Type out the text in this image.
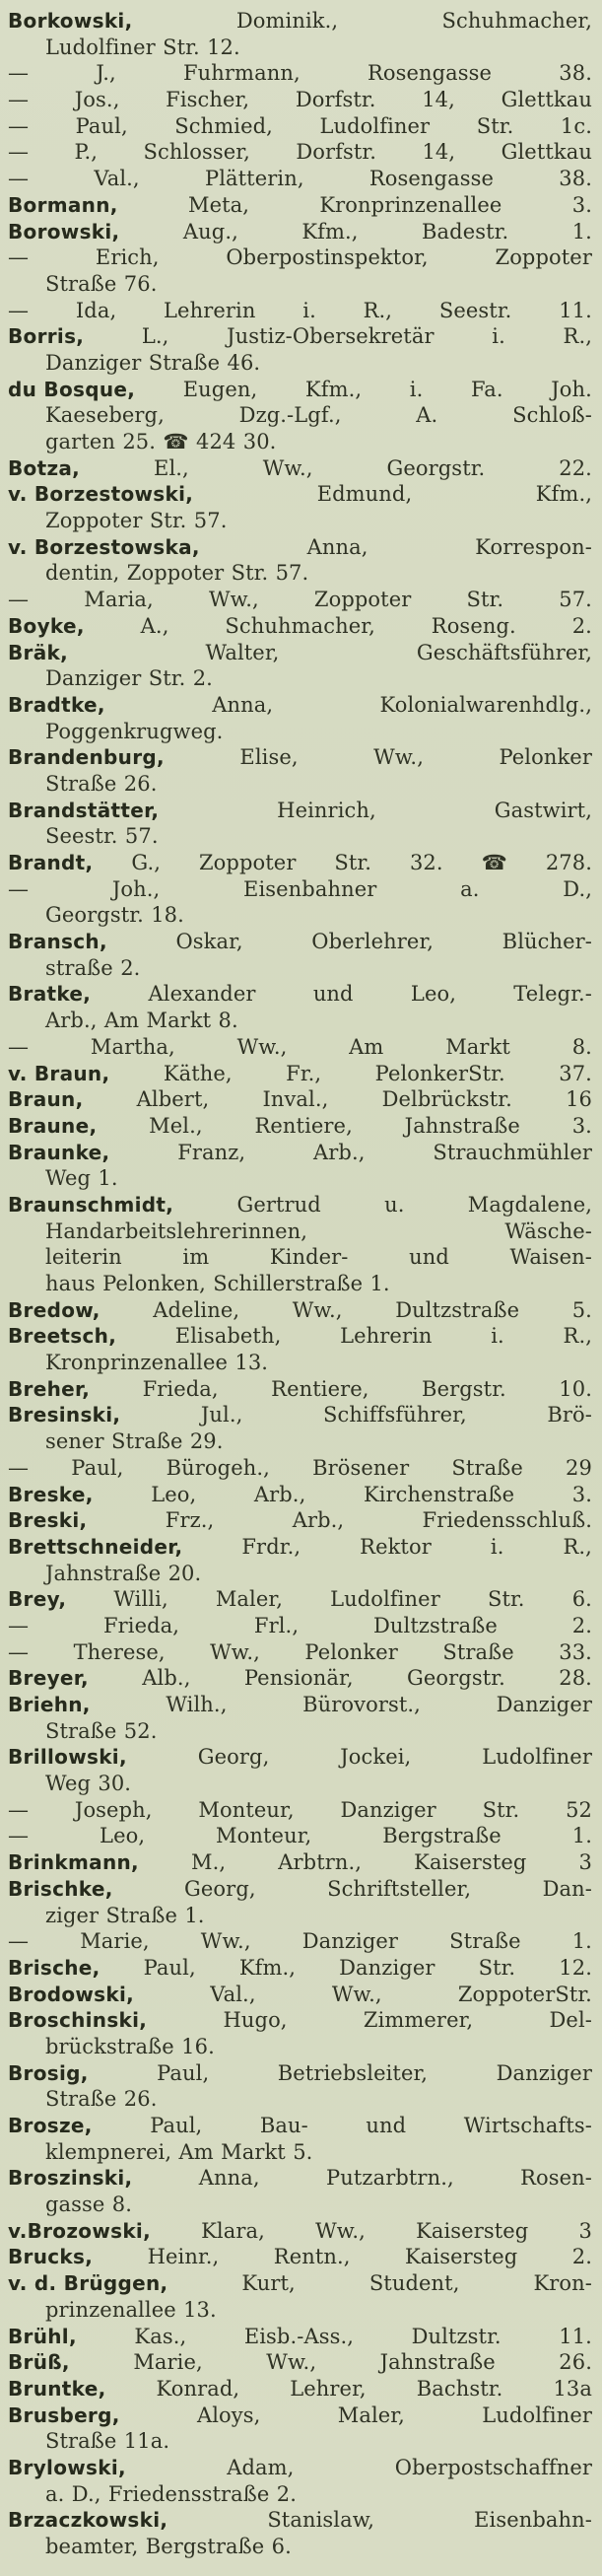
Borkowski,	Dominik.,	Schuhmacher,
Ludolfiner Str. 12.
—	J.,	Fuhrmann,	Rosengasse	38.
— Jos., Fischer, Dorfstr. 14, Glettkau
— Paul, Schmied, Ludolfiner Str. 1c.
— P., Schlosser, Dorfstr. 14, Glettkau
—	Val.,	Plätterin,	Rosengasse	38.
Bormann,	Meta,	Kronprinzenallee	3.
Borowski,	Aug.,	Kfm.,	Badestr.	1.
—	Erich,	Oberpostinspektor,	Zoppoter
Straße 76.
— Ida, Lehrerin i. R., Seestr. 11.
Borris,	L.,	Justiz-Obersekretär	i.	R.,
Danziger Straße 46.
du Bosque, Eugen, Kfm., i. Fa. Joh.
Kaeseberg,	Dzg.-Lgf.,	A.	Schloß-
garten 25. ☎ 424 30.
Botza,	El.,	Ww.,	Georgstr.	22.
v. Borzestowski,	Edmund,	Kfm.,
Zoppoter Str. 57.
v. Borzestowska,	Anna,	Korrespon-
dentin, Zoppoter Str. 57.
—	Maria,	Ww.,	Zoppoter	Str.	57.
Boyke,	A.,	Schuhmacher,	Roseng.	2.
Bräk,	Walter,	Geschäftsführer,
Danziger Str. 2.
Bradtke,	Anna,	Kolonialwarenhdlg.,
Poggenkrugweg.
Brandenburg,	Elise,	Ww.,	Pelonker
Straße 26.
Brandstätter,	Heinrich,	Gastwirt,
Seestr. 57.
Brandt, G., Zoppoter Str. 32. ☎ 278.
—	Joh.,	Eisenbahner	a.	D.,
Georgstr. 18.
Bransch,	Oskar,	Oberlehrer,	Blücher-
straße 2.
Bratke,	Alexander	und	Leo,	Telegr.-
Arb., Am Markt 8.
—	Martha,	Ww.,	Am	Markt	8.
v. Braun,	Käthe,	Fr.,	PelonkerStr.	37.
Braun,	Albert,	Inval.,	Delbrückstr.	16
Braune,	Mel.,	Rentiere,	Jahnstraße	3.
Braunke,	Franz,	Arb.,	Strauchmühler
Weg 1.
Braunschmidt,	Gertrud	u.	Magdalene,
Handarbeitslehrerinnen,	Wäsche-
leiterin	im	Kinder-	und	Waisen-
haus Pelonken, Schillerstraße 1.
Bredow,	Adeline,	Ww.,	Dultzstraße	5.
Breetsch,	Elisabeth,	Lehrerin	i.	R.,
Kronprinzenallee 13.
Breher,	Frieda,	Rentiere,	Bergstr.	10.
Bresinski,	Jul.,	Schiffsführer,	Brö-
sener Straße 29.
— Paul, Bürogeh., Brösener Straße 29
Breske,	Leo,	Arb.,	Kirchenstraße	3.
Breski,	Frz.,	Arb.,	Friedensschluß.
Brettschneider,	Frdr.,	Rektor	i.	R.,
Jahnstraße 20.
Brey, Willi, Maler, Ludolfiner Str. 6.
—	Frieda,	Frl.,	Dultzstraße	2.
— Therese, Ww., Pelonker Straße 33.
Breyer,	Alb.,	Pensionär,	Georgstr.	28.
Briehn,	Wilh.,	Bürovorst.,	Danziger
Straße 52.
Brillowski,	Georg,	Jockei,	Ludolfiner
Weg 30.
— Joseph, Monteur, Danziger Str. 52
—	Leo,	Monteur,	Bergstraße	1.
Brinkmann,	M.,	Arbtrn.,	Kaisersteg	3
Brischke,	Georg,	Schriftsteller,	Dan-
ziger Straße 1.
— Marie, Ww., Danziger Straße 1.
Brische, Paul, Kfm., Danziger Str. 12.
Brodowski,	Val.,	Ww.,	ZoppoterStr.
Broschinski,	Hugo,	Zimmerer,	Del-
brückstraße 16.
Brosig,	Paul,	Betriebsleiter,	Danziger
Straße 26.
Brosze,	Paul,	Bau-	und	Wirtschafts-
klempnerei, Am Markt 5.
Broszinski,	Anna,	Putzarbtrn.,	Rosen-
gasse 8.
v.Brozowski, Klara, Ww., Kaisersteg 3
Brucks,	Heinr.,	Rentn.,	Kaisersteg	2.
v. d. Brüggen,	Kurt,	Student,	Kron-
prinzenallee 13.
Brühl,	Kas.,	Eisb.-Ass.,	Dultzstr.	11.
Brüß,	Marie,	Ww.,	Jahnstraße	26.
Bruntke, Konrad, Lehrer, Bachstr. 13a
Brusberg,	Aloys,	Maler,	Ludolfiner
Straße 11a.
Brylowski,	Adam,	Oberpostschaffner
a. D., Friedensstraße 2.
Brzaczkowski,	Stanislaw,	Eisenbahn-
beamter, Bergstraße 6.
